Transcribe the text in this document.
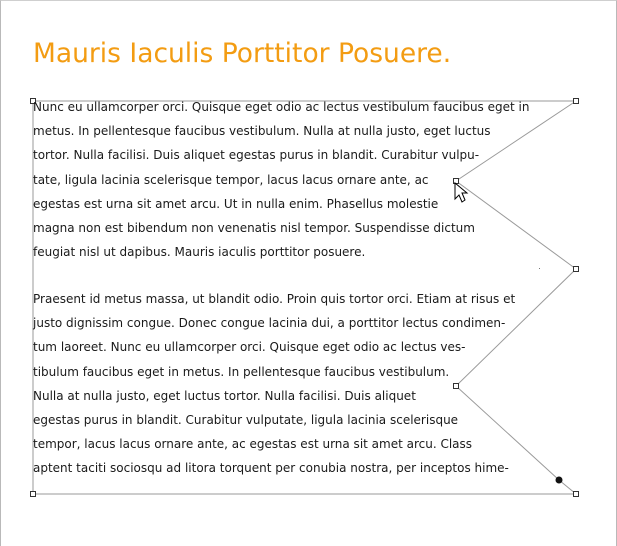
Mauris Iaculis Porttitor Posuere.
Nunc eu ullamcorper orci. Quisque eget odio ac lectus vestibulum faucibus eget in
metus. In pellentesque faucibus vestibulum. Nulla at nulla justo, eget luctus
tortor. Nulla facilisi. Duis aliquet egestas purus in blandit. Curabitur vulpu-
tate, ligula lacinia scelerisque tempor, lacus lacus ornare ante, ac
egestas est urna sit amet arcu. Ut in nulla enim. Phasellus molestie
magna non est bibendum non venenatis nisl tempor. Suspendisse dictum
feugiat nisl ut dapibus. Mauris iaculis porttitor posuere.
Praesent id metus massa, ut blandit odio. Proin quis tortor orci. Etiam at risus et
justo dignissim congue. Donec congue lacinia dui, a porttitor lectus condimen-
tum laoreet. Nunc eu ullamcorper orci. Quisque eget odio ac lectus ves-
tibulum faucibus eget in metus. In pellentesque faucibus vestibulum.
Nulla at nulla justo, eget luctus tortor. Nulla facilisi. Duis aliquet
egestas purus in blandit. Curabitur vulputate, ligula lacinia scelerisque
tempor, lacus lacus ornare ante, ac egestas est urna sit amet arcu. Class
aptent taciti sociosqu ad litora torquent per conubia nostra, per inceptos hime-
